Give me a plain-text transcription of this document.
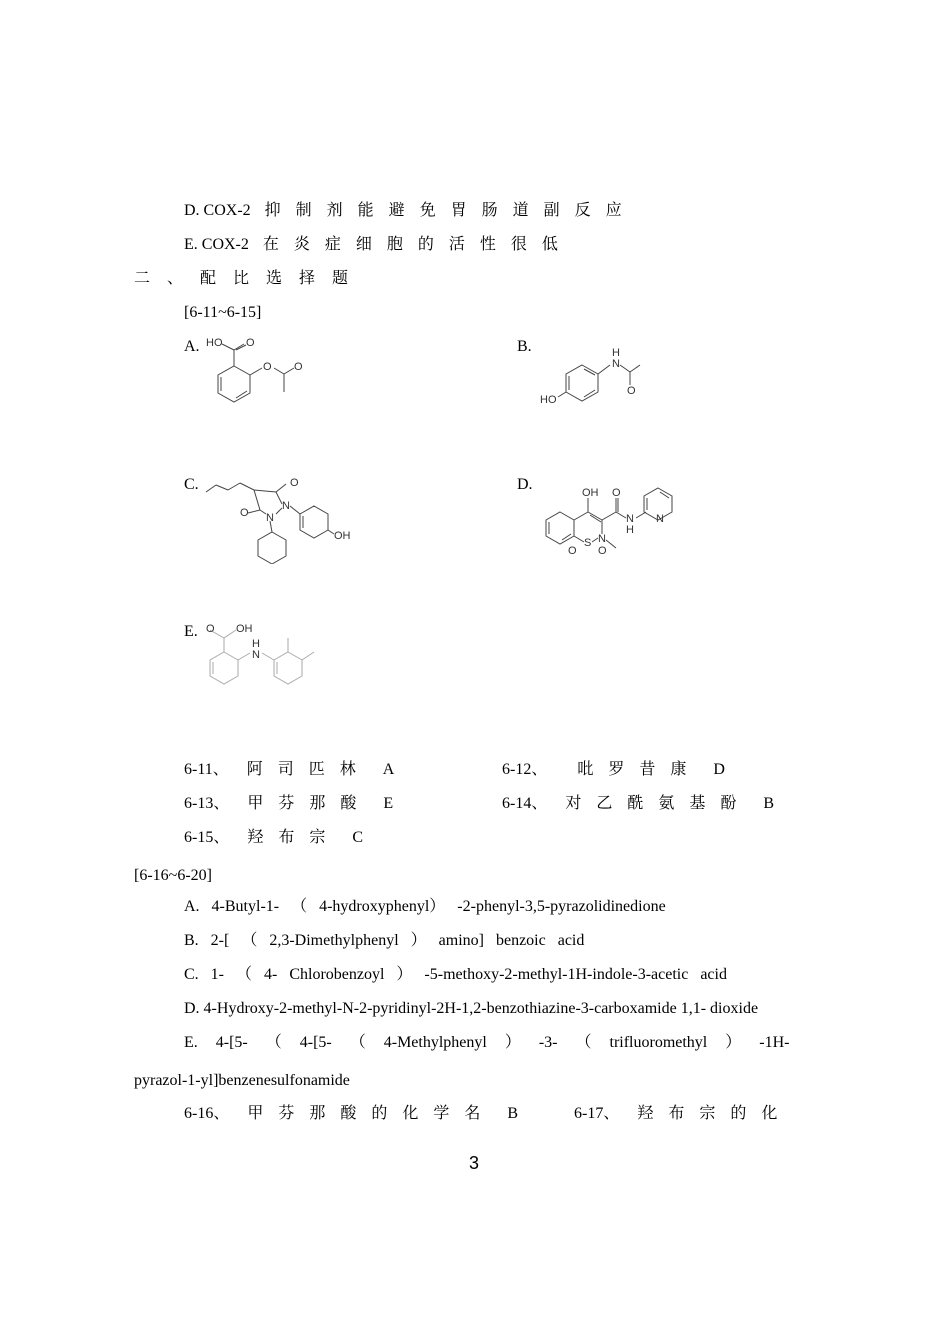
D. COX-2 抑制剂能避免胃肠道副反应
E. COX-2 在炎症细胞的活性很低
二、配比选择题
[6-11~6-15]
A.	B.
C.	D.
E.
HO O
O O
H
N
O
HO
O
O
N
N
OH
OH O
N
H
N
N
S
O O
O OH
H
N
6-11、 阿司匹林 A	6-12、 吡罗昔康 D
6-13、 甲芬那酸 E	6-14、 对乙酰氨基酚 B
6-15、 羟布宗 C
[6-16~6-20]
A. 4-Butyl-1- （ 4-hydroxyphenyl） -2-phenyl-3,5-pyrazolidinedione
B. 2-[ （ 2,3-Dimethylphenyl ） amino] benzoic acid
C. 1- （ 4- Chlorobenzoyl ） -5-methoxy-2-methyl-1H-indole-3-acetic acid
D. 4-Hydroxy-2-methyl-N-2-pyridinyl-2H-1,2-benzothiazine-3-carboxamide 1,1- dioxide
E. 4-[5- （ 4-[5- （ 4-Methylphenyl ） -3- （ trifluoromethyl ） -1H-
pyrazol-1-yl]benzenesulfonamide
6-16、 甲芬那酸的化学名 B	6-17、 羟布宗的化
3
